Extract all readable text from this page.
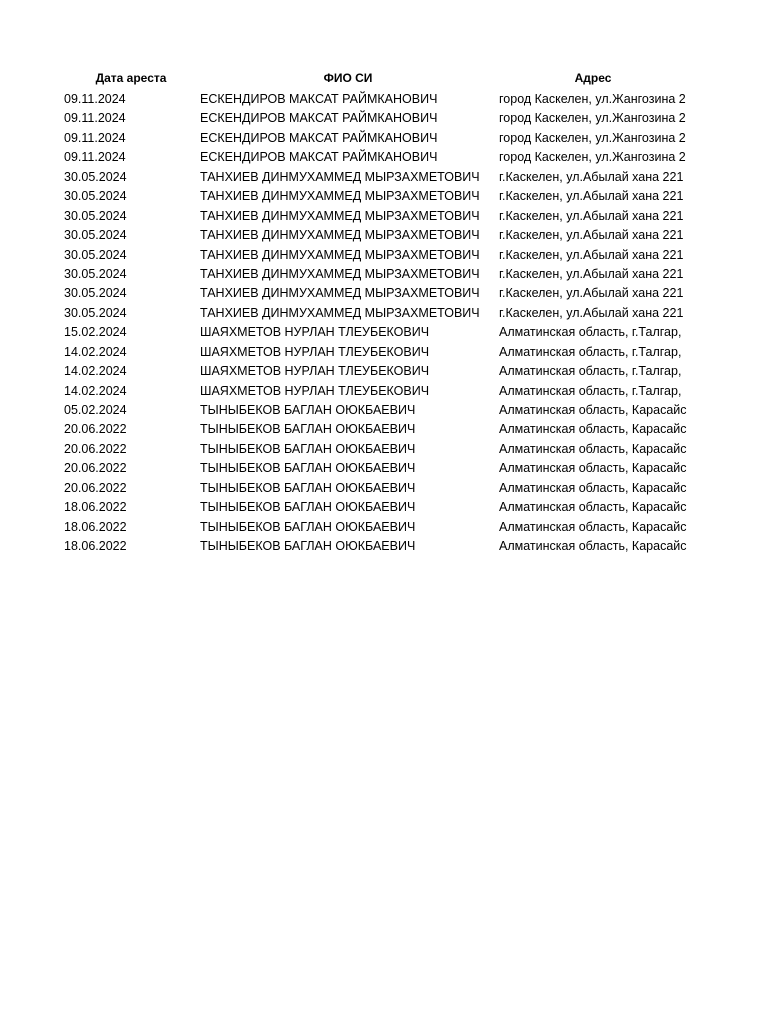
Дата ареста	ФИО СИ	Адрес
09.11.2024	ЕСКЕНДИРОВ МАКСАТ РАЙМКАНОВИЧ	город Каскелен, ул.Жангозина 2
09.11.2024	ЕСКЕНДИРОВ МАКСАТ РАЙМКАНОВИЧ	город Каскелен, ул.Жангозина 2
09.11.2024	ЕСКЕНДИРОВ МАКСАТ РАЙМКАНОВИЧ	город Каскелен, ул.Жангозина 2
09.11.2024	ЕСКЕНДИРОВ МАКСАТ РАЙМКАНОВИЧ	город Каскелен, ул.Жангозина 2
30.05.2024	ТАНХИЕВ ДИНМУХАММЕД МЫРЗАХМЕТОВИЧ	г.Каскелен, ул.Абылай хана 221
30.05.2024	ТАНХИЕВ ДИНМУХАММЕД МЫРЗАХМЕТОВИЧ	г.Каскелен, ул.Абылай хана 221
30.05.2024	ТАНХИЕВ ДИНМУХАММЕД МЫРЗАХМЕТОВИЧ	г.Каскелен, ул.Абылай хана 221
30.05.2024	ТАНХИЕВ ДИНМУХАММЕД МЫРЗАХМЕТОВИЧ	г.Каскелен, ул.Абылай хана 221
30.05.2024	ТАНХИЕВ ДИНМУХАММЕД МЫРЗАХМЕТОВИЧ	г.Каскелен, ул.Абылай хана 221
30.05.2024	ТАНХИЕВ ДИНМУХАММЕД МЫРЗАХМЕТОВИЧ	г.Каскелен, ул.Абылай хана 221
30.05.2024	ТАНХИЕВ ДИНМУХАММЕД МЫРЗАХМЕТОВИЧ	г.Каскелен, ул.Абылай хана 221
30.05.2024	ТАНХИЕВ ДИНМУХАММЕД МЫРЗАХМЕТОВИЧ	г.Каскелен, ул.Абылай хана 221
15.02.2024	ШАЯХМЕТОВ НУРЛАН ТЛЕУБЕКОВИЧ	Алматинская область, г.Талгар,
14.02.2024	ШАЯХМЕТОВ НУРЛАН ТЛЕУБЕКОВИЧ	Алматинская область, г.Талгар,
14.02.2024	ШАЯХМЕТОВ НУРЛАН ТЛЕУБЕКОВИЧ	Алматинская область, г.Талгар,
14.02.2024	ШАЯХМЕТОВ НУРЛАН ТЛЕУБЕКОВИЧ	Алматинская область, г.Талгар,
05.02.2024	ТЫНЫБЕКОВ БАГЛАН ОЮКБАЕВИЧ	Алматинская область, Карасайс
20.06.2022	ТЫНЫБЕКОВ БАГЛАН ОЮКБАЕВИЧ	Алматинская область, Карасайс
20.06.2022	ТЫНЫБЕКОВ БАГЛАН ОЮКБАЕВИЧ	Алматинская область, Карасайс
20.06.2022	ТЫНЫБЕКОВ БАГЛАН ОЮКБАЕВИЧ	Алматинская область, Карасайс
20.06.2022	ТЫНЫБЕКОВ БАГЛАН ОЮКБАЕВИЧ	Алматинская область, Карасайс
18.06.2022	ТЫНЫБЕКОВ БАГЛАН ОЮКБАЕВИЧ	Алматинская область, Карасайс
18.06.2022	ТЫНЫБЕКОВ БАГЛАН ОЮКБАЕВИЧ	Алматинская область, Карасайс
18.06.2022	ТЫНЫБЕКОВ БАГЛАН ОЮКБАЕВИЧ	Алматинская область, Карасайс
